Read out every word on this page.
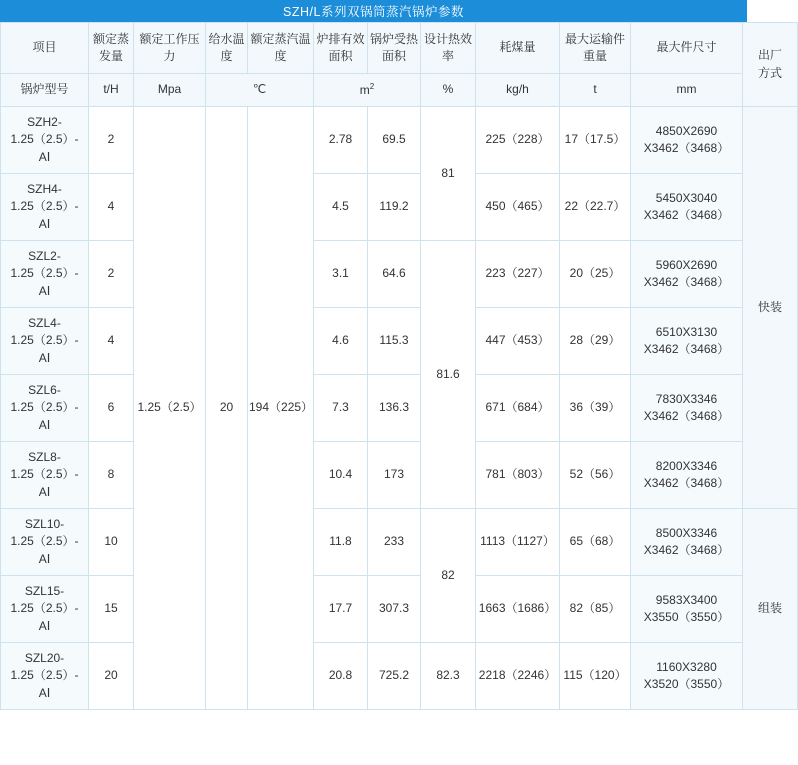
SZH/L系列双锅筒蒸汽锅炉参数
项目	额定蒸发量	额定工作压力	给水温度	额定蒸汽温度	炉排有效面积	锅炉受热面积	设计热效率	耗煤量	最大运输件重量	最大件尺寸	出厂
方式
锅炉型号	t/H	Mpa	℃		$m^2$		%	kg/h	t	mm	
SZH2-
1.25（2.5）-
AⅠ	2	1.25（2.5）	20	194（225）	2.78	69.5	81	225（228）	17（17.5）	4850X2690
X3462（3468）	快装
SZH4-
1.25（2.5）-
AⅠ	4				4.5	119.2		450（465）	22（22.7）	5450X3040
X3462（3468）	
SZL2-
1.25（2.5）-
AⅠ	2				3.1	64.6	81.6	223（227）	20（25）	5960X2690
X3462（3468）	
SZL4-
1.25（2.5）-
AⅠ	4				4.6	115.3		447（453）	28（29）	6510X3130
X3462（3468）	
SZL6-
1.25（2.5）-
AⅠ	6				7.3	136.3		671（684）	36（39）	7830X3346
X3462（3468）	
SZL8-
1.25（2.5）-
AⅠ	8				10.4	173		781（803）	52（56）	8200X3346
X3462（3468）	
SZL10-
1.25（2.5）-
AⅠ	10				11.8	233	82	1113（1127）	65（68）	8500X3346
X3462（3468）	组装
SZL15-
1.25（2.5）-
AⅠ	15				17.7	307.3		1663（1686）	82（85）	9583X3400
X3550（3550）	
SZL20-
1.25（2.5）-
AⅠ	20				20.8	725.2	82.3	2218（2246）	115（120）	1160X3280
X3520（3550）	
